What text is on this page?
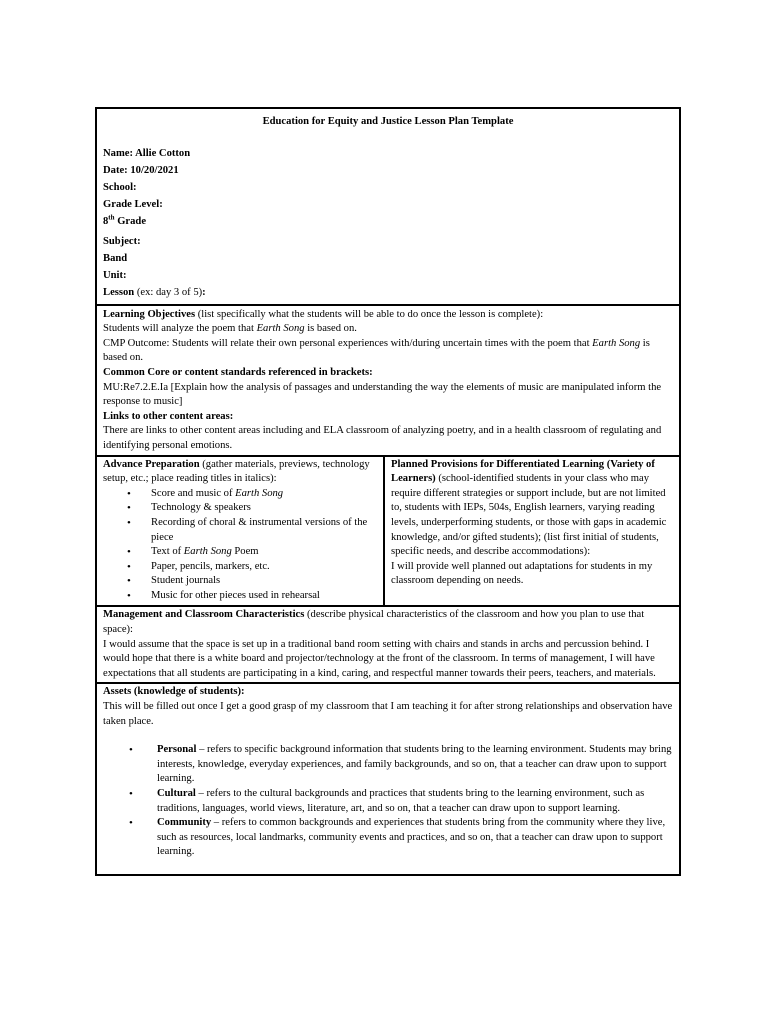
Education for Equity and Justice Lesson Plan Template
Name: Allie Cotton
Date: 10/20/2021
School:
Grade Level:
8th Grade
Subject:
Band
Unit:
Lesson (ex: day 3 of 5):

Learning Objectives (list specifically what the students will be able to do once the lesson is complete):

Students will analyze the poem that Earth Song is based on.

CMP Outcome: Students will relate their own personal experiences with/during uncertain times with the poem that Earth Song is based on.

Common Core or content standards referenced in brackets:

MU:Re7.2.E.Ia [Explain how the analysis of passages and understanding the way the elements of music are manipulated inform the response to music]

Links to other content areas:

There are links to other content areas including and ELA classroom of analyzing poetry, and in a health classroom of regulating and identifying personal emotions.

Advance Preparation (gather materials, previews, technology setup, etc.; place reading titles in italics):

• Score and music of Earth Song
• Technology & speakers
• Recording of choral & instrumental versions of the piece
• Text of Earth Song Poem
• Paper, pencils, markers, etc.
• Student journals
• Music for other pieces used in rehearsal

Planned Provisions for Differentiated Learning (Variety of Learners) (school-identified students in your class who may require different strategies or support include, but are not limited to, students with IEPs, 504s, English learners, varying reading levels, underperforming students, or those with gaps in academic knowledge, and/or gifted students); (list first initial of students, specific needs, and describe accommodations):

I will provide well planned out adaptations for students in my classroom depending on needs.

Management and Classroom Characteristics (describe physical characteristics of the classroom and how you plan to use that space):

I would assume that the space is set up in a traditional band room setting with chairs and stands in archs and percussion behind. I would hope that there is a white board and projector/technology at the front of the classroom. In terms of management, I will have expectations that all students are participating in a kind, caring, and respectful manner towards their peers, teachers, and materials.

Assets (knowledge of students):

This will be filled out once I get a good grasp of my classroom that I am teaching it for after strong relationships and observation have taken place.

• Personal – refers to specific background information that students bring to the learning environment. Students may bring interests, knowledge, everyday experiences, and family backgrounds, and so on, that a teacher can draw upon to support learning.
• Cultural – refers to the cultural backgrounds and practices that students bring to the learning environment, such as traditions, languages, world views, literature, art, and so on, that a teacher can draw upon to support learning.
• Community – refers to common backgrounds and experiences that students bring from the community where they live, such as resources, local landmarks, community events and practices, and so on, that a teacher can draw upon to support learning.
